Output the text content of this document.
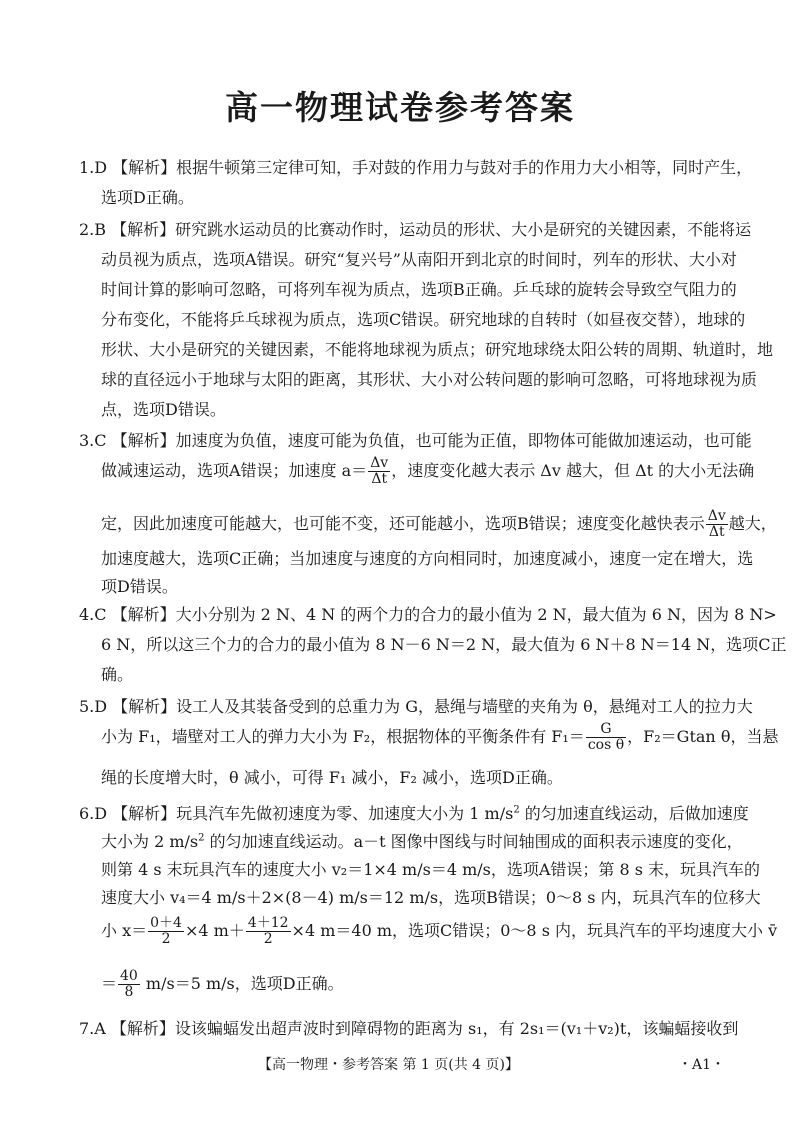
高一物理试卷参考答案
1.D 【解析】根据牛顿第三定律可知，手对鼓的作用力与鼓对手的作用力大小相等，同时产生，
选项D正确。
2.B 【解析】研究跳水运动员的比赛动作时，运动员的形状、大小是研究的关键因素，不能将运
动员视为质点，选项A错误。研究“复兴号”从南阳开到北京的时间时，列车的形状、大小对
时间计算的影响可忽略，可将列车视为质点，选项B正确。乒乓球的旋转会导致空气阻力的
分布变化，不能将乒乓球视为质点，选项C错误。研究地球的自转时（如昼夜交替），地球的
形状、大小是研究的关键因素，不能将地球视为质点；研究地球绕太阳公转的周期、轨道时，地
球的直径远小于地球与太阳的距离，其形状、大小对公转问题的影响可忽略，可将地球视为质
点，选项D错误。
3.C 【解析】加速度为负值，速度可能为负值，也可能为正值，即物体可能做加速运动，也可能
做减速运动，选项A错误；加速度 $a= \frac{\Delta v}{\Delta t}$ ，速度变化越大表示 Δv 越大，但 Δt 的大小无法确
定，因此加速度可能越大，也可能不变，还可能越小，选项B错误；速度变化越快表示 $\frac{\Delta v}{\Delta t}$ 越大，
加速度越大，选项C正确；当加速度与速度的方向相同时，加速度减小，速度一定在增大，选
项D错误。
4.C 【解析】大小分别为 2 N、4 N 的两个力的合力的最小值为 2 N，最大值为 6 N，因为 8 N>
6 N，所以这三个力的合力的最小值为 8 N－6 N＝2 N，最大值为 6 N＋8 N＝14 N，选项C正
确。
5.D 【解析】设工人及其装备受到的总重力为 G，悬绳与墙壁的夹角为 θ，悬绳对工人的拉力大
小为 F₁，墙壁对工人的弹力大小为 F₂，根据物体的平衡条件有 $F_1= \frac{G}{\text{cos θ}}$ ，F₂＝Gtan θ，当悬
绳的长度增大时，θ 减小，可得 F₁ 减小，F₂ 减小，选项D正确。
6.D 【解析】玩具汽车先做初速度为零、加速度大小为 1 $m/s^2$ 的匀加速直线运动，后做加速度
大小为 2 $m/s^2$ 的匀加速直线运动。a－t 图像中图线与时间轴围成的面积表示速度的变化，
则第 4 s 末玩具汽车的速度大小 v₂＝1×4 m/s＝4 m/s，选项A错误；第 8 s 末，玩具汽车的
速度大小 v₄＝4 m/s＋2×(8－4) m/s＝12 m/s，选项B错误；0～8 s 内，玩具汽车的位移大
小 $x= \frac{0+4}{2} \times 4$ $m+ \frac{4+12}{2} \times 4$ m＝40 m，选项C错误；0～8 s 内，玩具汽车的平均速度大小 v̄
＝ $\frac{40}{8} m/s=5$ m/s，选项D正确。
7.A 【解析】设该蝙蝠发出超声波时到障碍物的距离为 s₁，有 2s₁＝(v₁＋v₂)t，该蝙蝠接收到
【高一物理・参考答案 第 1 页(共 4 页)】	・A1・
